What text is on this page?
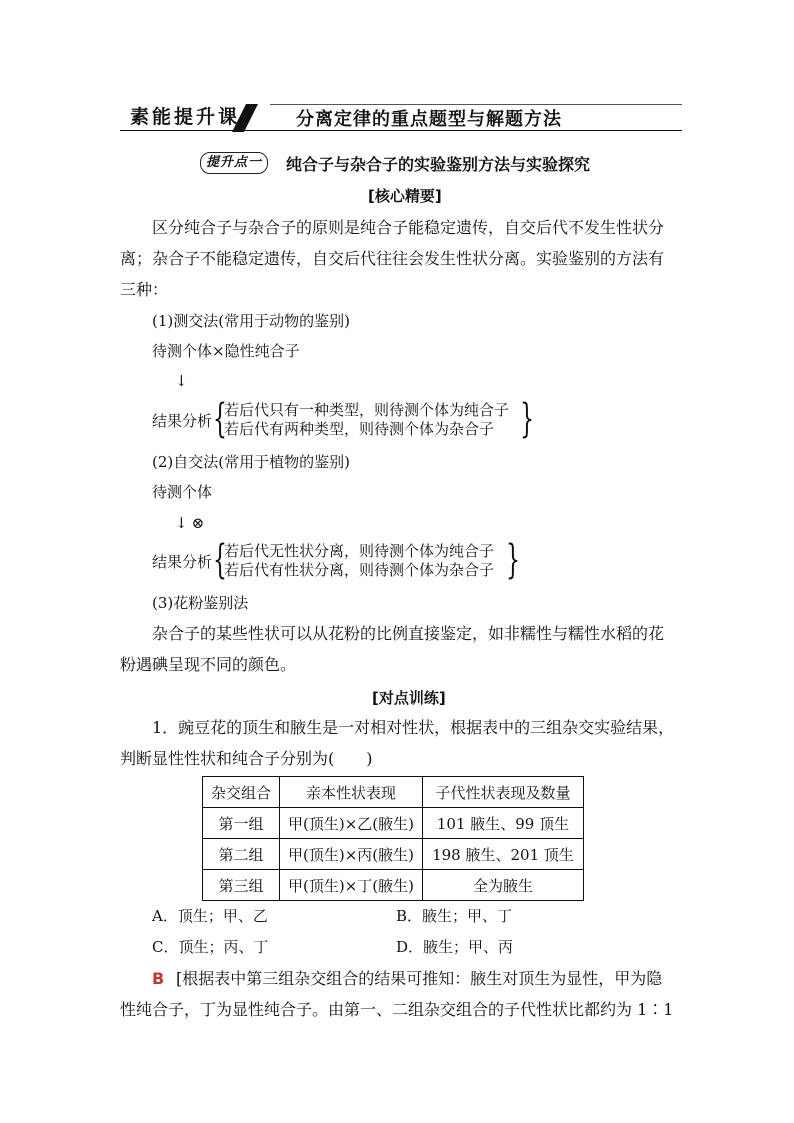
素能提升课	分离定律的重点题型与解题方法
提升点一	纯合子与杂合子的实验鉴别方法与实验探究
[核心精要]
区分纯合子与杂合子的原则是纯合子能稳定遗传，自交后代不发生性状分
离；杂合子不能稳定遗传，自交后代往往会发生性状分离。实验鉴别的方法有
三种：
(1)测交法(常用于动物的鉴别)
待测个体×隐性纯合子
↓
结果分析 {
若后代只有一种类型，则待测个体为纯合子
若后代有两种类型，则待测个体为杂合子 }
(2)自交法(常用于植物的鉴别)
待测个体
↓ ⊗
结果分析 {
若后代无性状分离，则待测个体为纯合子
若后代有性状分离，则待测个体为杂合子 }
(3)花粉鉴别法
杂合子的某些性状可以从花粉的比例直接鉴定，如非糯性与糯性水稻的花
粉遇碘呈现不同的颜色。
[对点训练]
1．豌豆花的顶生和腋生是一对相对性状，根据表中的三组杂交实验结果，
判断显性性状和纯合子分别为(　　)
杂交组合	亲本性状表现	子代性状表现及数量
第一组	甲(顶生)×乙(腋生)	101 腋生、99 顶生
第二组	甲(顶生)×丙(腋生)	198 腋生、201 顶生
第三组	甲(顶生)×丁(腋生)	全为腋生
A．顶生；甲、乙	B．腋生；甲、丁
C．顶生；丙、丁	D．腋生；甲、丙
B [根据表中第三组杂交组合的结果可推知：腋生对顶生为显性，甲为隐
性纯合子，丁为显性纯合子。由第一、二组杂交组合的子代性状比都约为 1∶1
